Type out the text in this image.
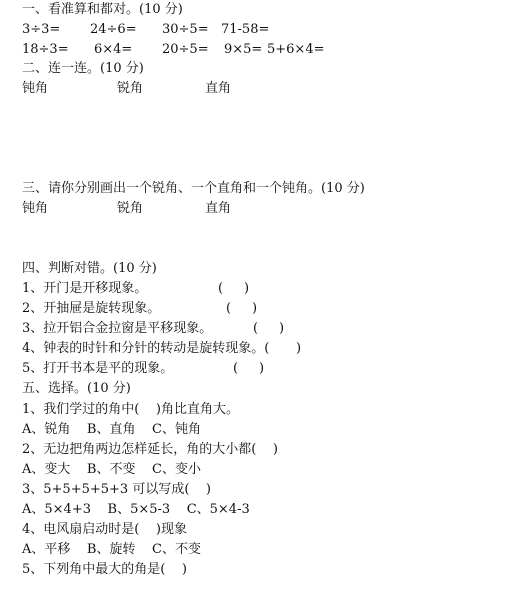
一、看准算和都对。(10 分)
3÷3= 24÷6= 30÷5= 71-58=
18÷3= 6×4= 20÷5= 9×5= 5+6×4=
二、连一连。(10 分)
钝角	锐角	直角
三、请你分别画出一个锐角、一个直角和一个钝角。(10 分)
钝角	锐角	直角
四、判断对错。(10 分)
1、开门是开移现象。	( )
2、开抽屉是旋转现象。	( )
3、拉开铝合金拉窗是平移现象。	( )
4、钟表的时针和分针的转动是旋转现象。( )
5、打开书本是平的现象。	( )
五、选择。(10 分)
1、我们学过的角中(    )角比直角大。
A、锐角    B、直角    C、钝角
2、无边把角两边怎样延长，角的大小都(    )
A、变大    B、不变    C、变小
3、5+5+5+5+3 可以写成(    )
A、5×4+3    B、5×5-3    C、5×4-3
4、电风扇启动时是(    )现象
A、平移    B、旋转    C、不变
5、下列角中最大的角是(    )
